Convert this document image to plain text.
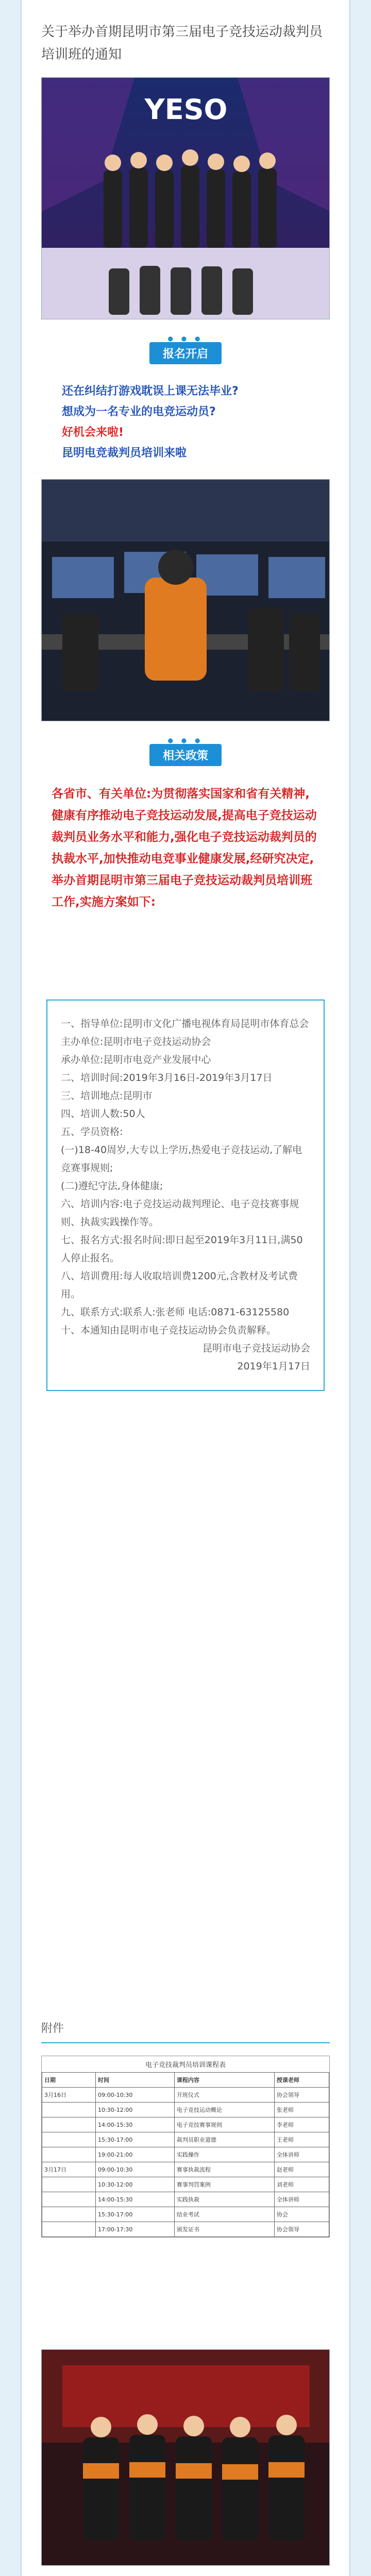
关于举办首期昆明市第三届电子竞技运动裁判员培训班的通知
YESO
● ● ●
报名开启
还在纠结打游戏耽误上课无法毕业?
想成为一名专业的电竞运动员?
好机会来啦!
昆明电竞裁判员培训来啦
● ● ●
相关政策
各省市、有关单位:为贯彻落实国家和省有关精神,健康有序推动电子竞技运动发展,提高电子竞技运动裁判员业务水平和能力,强化电子竞技运动裁判员的执裁水平,加快推动电竞事业健康发展,经研究决定,举办首期昆明市第三届电子竞技运动裁判员培训班工作,实施方案如下:

一、指导单位:昆明市文化广播电视体育局昆明市体育总会

主办单位:昆明市电子竞技运动协会

承办单位:昆明市电竞产业发展中心

二、培训时间:2019年3月16日-2019年3月17日

三、培训地点:昆明市

四、培训人数:50人

五、学员资格:

(一)18-40周岁,大专以上学历,热爱电子竞技运动,了解电竞赛事规则;

(二)遵纪守法,身体健康;

六、培训内容:电子竞技运动裁判理论、电子竞技赛事规则、执裁实践操作等。

七、报名方式:报名时间:即日起至2019年3月11日,满50人停止报名。

八、培训费用:每人收取培训费1200元,含教材及考试费用。

九、联系方式:联系人:张老师 电话:0871-63125580

十、本通知由昆明市电子竞技运动协会负责解释。

昆明市电子竞技运动协会

2019年1月17日

附件
电子竞技裁判员培训课程表
日期	时间	课程内容	授课老师
3月16日	09:00-10:30	开班仪式	协会领导
	10:30-12:00	电子竞技运动概论	张老师
	14:00-15:30	电子竞技赛事规则	李老师
	15:30-17:00	裁判员职业道德	王老师
	19:00-21:00	实践操作	全体讲师
3月17日	09:00-10:30	赛事执裁流程	赵老师
	10:30-12:00	赛事判罚案例	刘老师
	14:00-15:30	实践执裁	全体讲师
	15:30-17:00	结业考试	协会
	17:00-17:30	颁发证书	协会领导
